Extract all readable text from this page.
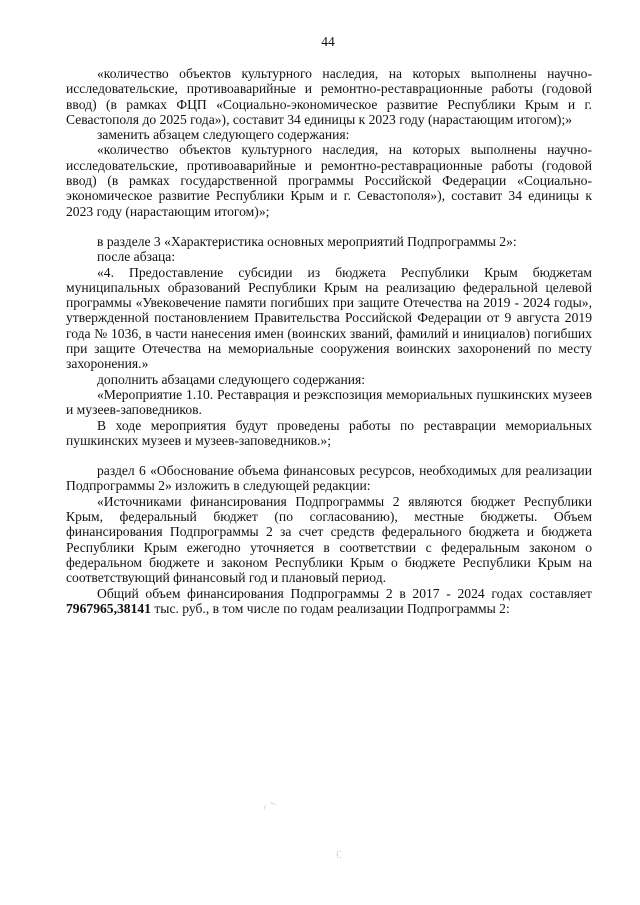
44

«количество объектов культурного наследия, на которых выполнены научно-исследовательские, противоаварийные и ремонтно-реставрационные работы (годовой ввод) (в рамках ФЦП «Социально-экономическое развитие Республики Крым и г. Севастополя до 2025 года»), составит 34 единицы к 2023 году (нарастающим итогом);»

заменить абзацем следующего содержания:

«количество объектов культурного наследия, на которых выполнены научно-исследовательские, противоаварийные и ремонтно-реставрационные работы (годовой ввод) (в рамках государственной программы Российской Федерации «Социально-экономическое развитие Республики Крым и г. Севастополя»), составит 34 единицы к 2023 году (нарастающим итогом)»;

в разделе 3 «Характеристика основных мероприятий Подпрограммы 2»:

после абзаца:

«4. Предоставление субсидии из бюджета Республики Крым бюджетам муниципальных образований Республики Крым на реализацию федеральной целевой программы «Увековечение памяти погибших при защите Отечества на 2019 - 2024 годы», утвержденной постановлением Правительства Российской Федерации от 9 августа 2019 года № 1036, в части нанесения имен (воинских званий, фамилий и инициалов) погибших при защите Отечества на мемориальные сооружения воинских захоронений по месту захоронения.»

дополнить абзацами следующего содержания:

«Мероприятие 1.10. Реставрация и реэкспозиция мемориальных пушкинских музеев и музеев-заповедников.

В ходе мероприятия будут проведены работы по реставрации мемориальных пушкинских музеев и музеев-заповедников.»;

раздел 6 «Обоснование объема финансовых ресурсов, необходимых для реализации Подпрограммы 2» изложить в следующей редакции:

«Источниками финансирования Подпрограммы 2 являются бюджет Республики Крым, федеральный бюджет (по согласованию), местные бюджеты. Объем финансирования Подпрограммы 2 за счет средств федерального бюджета и бюджета Республики Крым ежегодно уточняется в соответствии с федеральным законом о федеральном бюджете и законом Республики Крым о бюджете Республики Крым на соответствующий финансовый год и плановый период.

Общий объем финансирования Подпрограммы 2 в 2017 - 2024 годах составляет 7967965,38141 тыс. руб., в том числе по годам реализации Подпрограммы 2:

⸝ ⸜
⁞⁚
